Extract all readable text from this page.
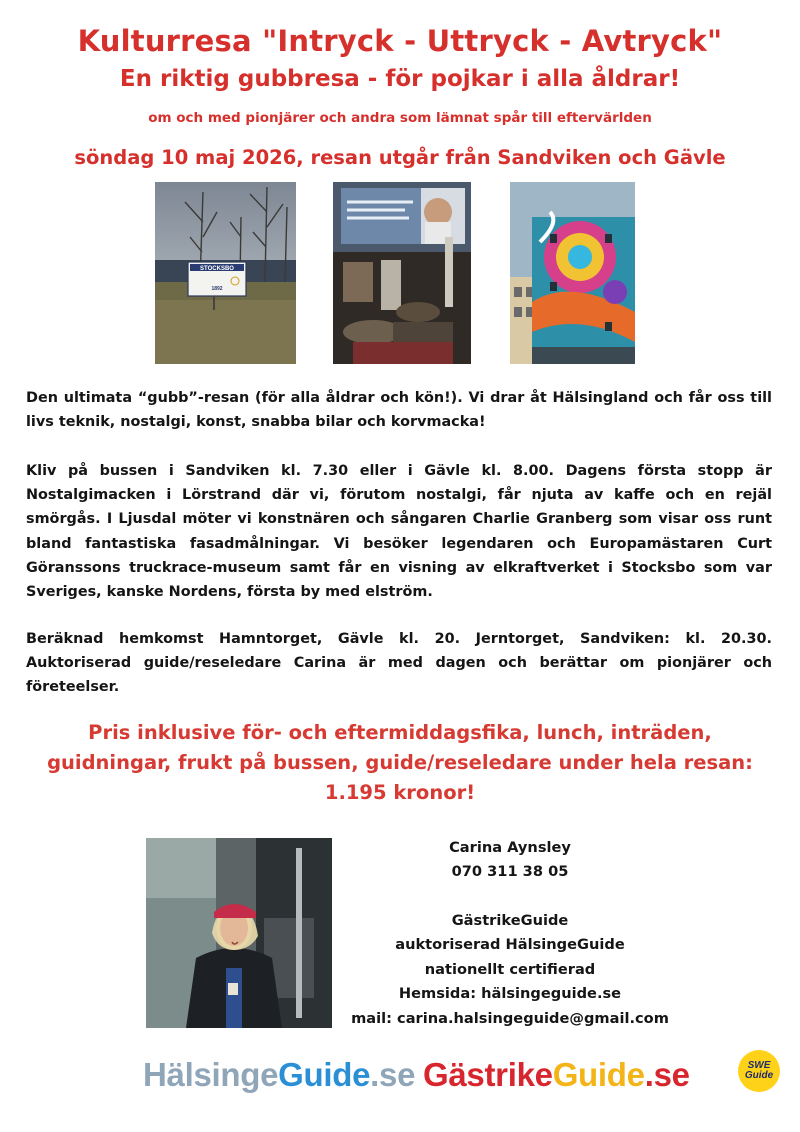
Kulturresa "Intryck - Uttryck - Avtryck"
En riktig gubbresa - för pojkar i alla åldrar!
om och med pionjärer och andra som lämnat spår till eftervärlden
söndag 10 maj 2026, resan utgår från Sandviken och Gävle
STOCKSBO
1892

Den ultimata “gubb”-resan (för alla åldrar och kön!). Vi drar åt Hälsingland och får oss till livs teknik, nostalgi, konst, snabba bilar och korvmacka!

Kliv på bussen i Sandviken kl. 7.30 eller i Gävle kl. 8.00. Dagens första stopp är Nostalgimacken i Lörstrand där vi, förutom nostalgi, får njuta av kaffe och en rejäl smörgås. I Ljusdal möter vi konstnären och sångaren Charlie Granberg som visar oss runt bland fantastiska fasadmålningar. Vi besöker legendaren och Europamästaren Curt Göranssons truckrace-museum samt får en visning av elkraftverket i Stocksbo som var Sveriges, kanske Nordens, första by med elström.

Beräknad hemkomst Hamntorget, Gävle kl. 20. Jerntorget, Sandviken: kl. 20.30. Auktoriserad guide/reseledare Carina är med dagen och berättar om pionjärer och företeelser.

Pris inklusive för- och eftermiddagsfika, lunch, inträden,
guidningar, frukt på bussen, guide/reseledare under hela resan:
1.195 kronor!
Carina Aynsley
070 311 38 05
GästrikeGuide
auktoriserad HälsingeGuide
nationellt certifierad
Hemsida: hälsingeguide.se
mail: carina.halsingeguide@gmail.com
HälsingeGuide.se GästrikeGuide.se	SWE
Guide
